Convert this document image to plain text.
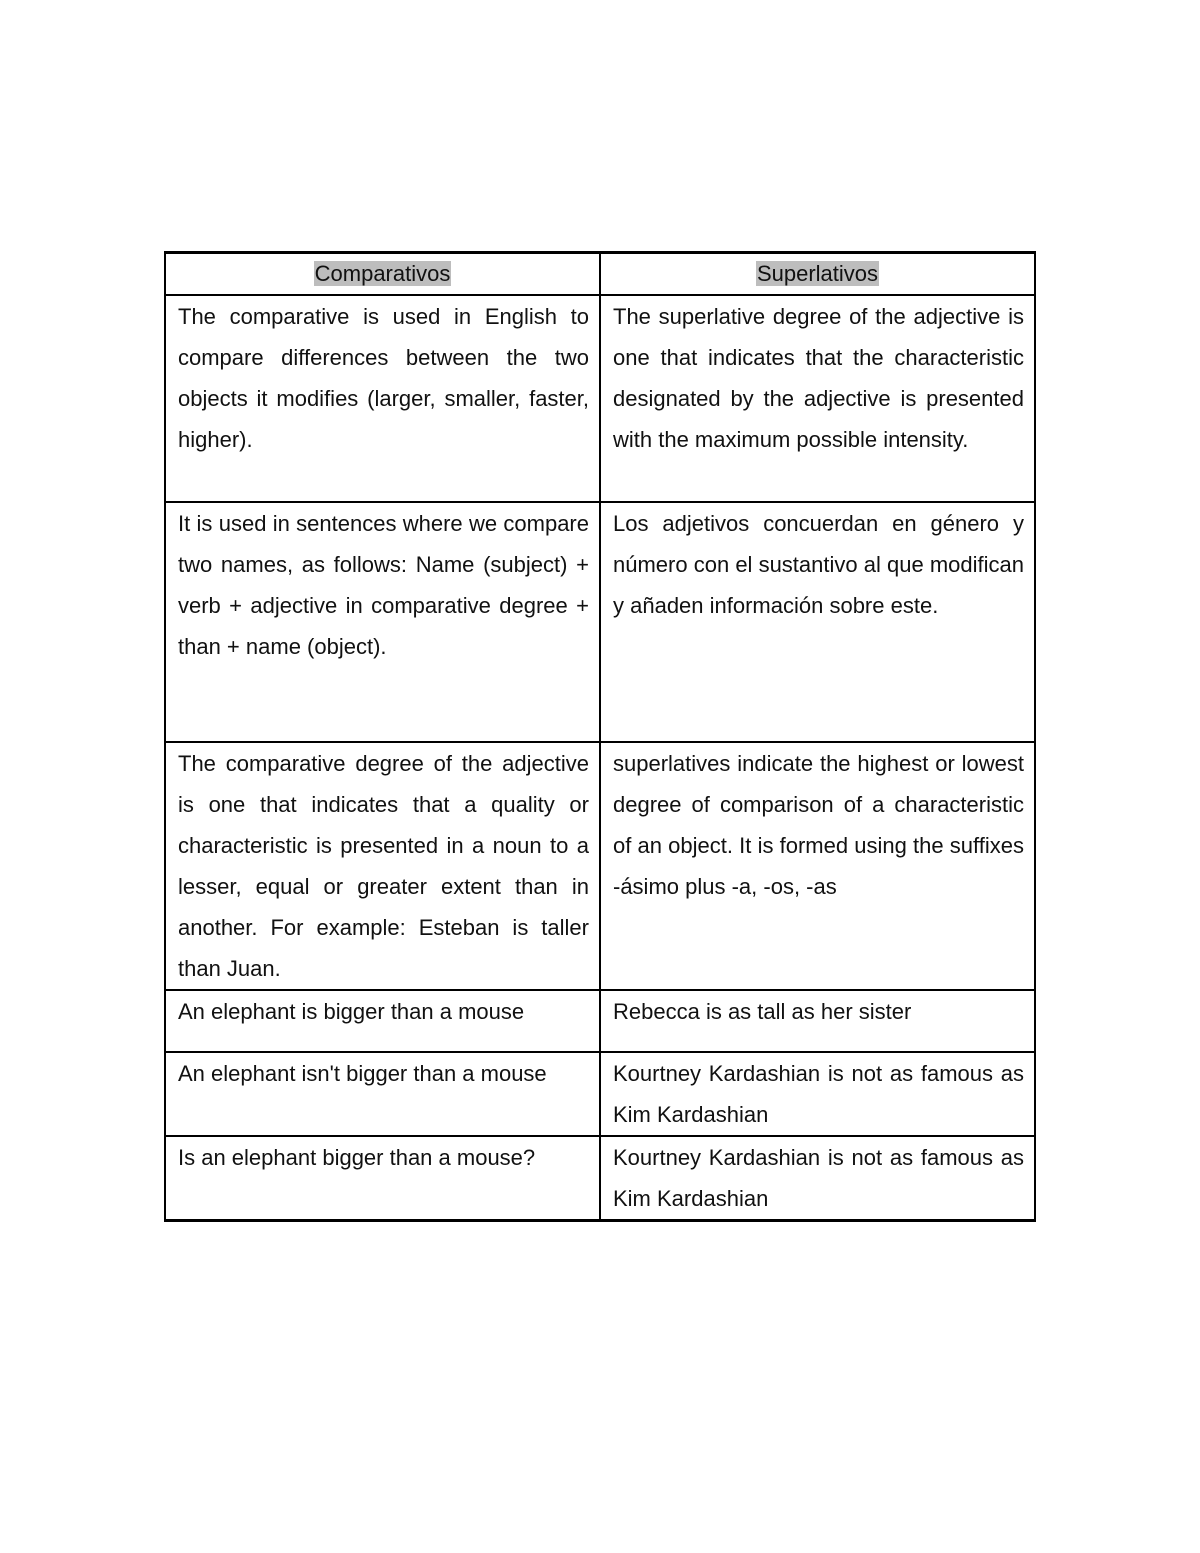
Comparativos	Superlativos
The comparative is used in English to compare differences between the two objects it modifies (larger, smaller, faster, higher).	The superlative degree of the adjective is one that indicates that the characteristic designated by the adjective is presented with the maximum possible intensity.
It is used in sentences where we compare two names, as follows: Name (subject) + verb + adjective in comparative degree + than + name (object).	Los adjetivos concuerdan en género y número con el sustantivo al que modifican y añaden información sobre este.
The comparative degree of the adjective is one that indicates that a quality or characteristic is presented in a noun to a lesser, equal or greater extent than in another. For example: Esteban is taller than Juan.	superlatives indicate the highest or lowest degree of comparison of a characteristic of an object. It is formed using the suffixes -ásimo plus -a, -os, -as
An elephant is bigger than a mouse	Rebecca is as tall as her sister
An elephant isn't bigger than a mouse	Kourtney Kardashian is not as famous as Kim Kardashian
Is an elephant bigger than a mouse?	Kourtney Kardashian is not as famous as Kim Kardashian
